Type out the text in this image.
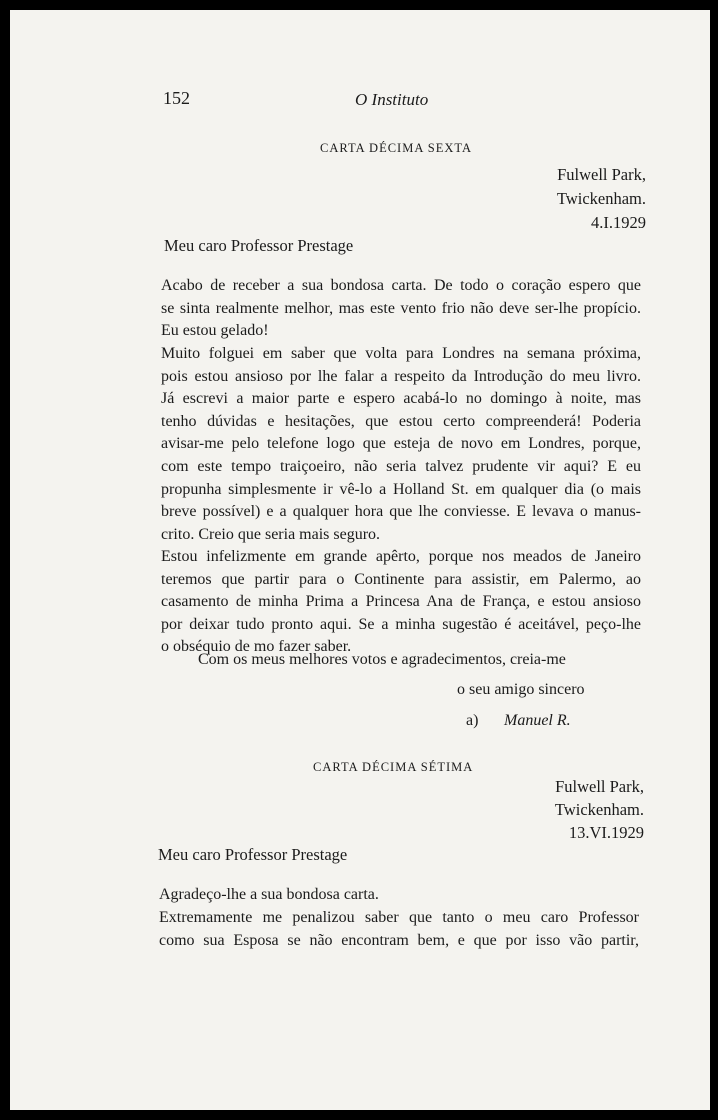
152	O Instituto
CARTA DÉCIMA SEXTA
Fulwell Park,
Twickenham.
4.I.1929
Meu caro Professor Prestage
Acabo de receber a sua bondosa carta. De todo o coração espero que
se sinta realmente melhor, mas este vento frio não deve ser-lhe propício.
Eu estou gelado!
Muito folguei em saber que volta para Londres na semana próxima,
pois estou ansioso por lhe falar a respeito da Introdução do meu livro.
Já escrevi a maior parte e espero acabá-lo no domingo à noite, mas
tenho dúvidas e hesitações, que estou certo compreenderá! Poderia
avisar-me pelo telefone logo que esteja de novo em Londres, porque,
com este tempo traiçoeiro, não seria talvez prudente vir aqui? E eu
propunha simplesmente ir vê-lo a Holland St. em qualquer dia (o mais
breve possível) e a qualquer hora que lhe conviesse. E levava o manus-
crito. Creio que seria mais seguro.
Estou infelizmente em grande apêrto, porque nos meados de Janeiro
teremos que partir para o Continente para assistir, em Palermo, ao
casamento de minha Prima a Princesa Ana de França, e estou ansioso
por deixar tudo pronto aqui. Se a minha sugestão é aceitável, peço-lhe
o obséquio de mo fazer saber.
Com os meus melhores votos e agradecimentos, creia-me
o seu amigo sincero
a) Manuel R.
CARTA DÉCIMA SÉTIMA
Fulwell Park,
Twickenham.
13.VI.1929
Meu caro Professor Prestage
Agradeço-lhe a sua bondosa carta.
Extremamente me penalizou saber que tanto o meu caro Professor
como sua Esposa se não encontram bem, e que por isso vão partir,
